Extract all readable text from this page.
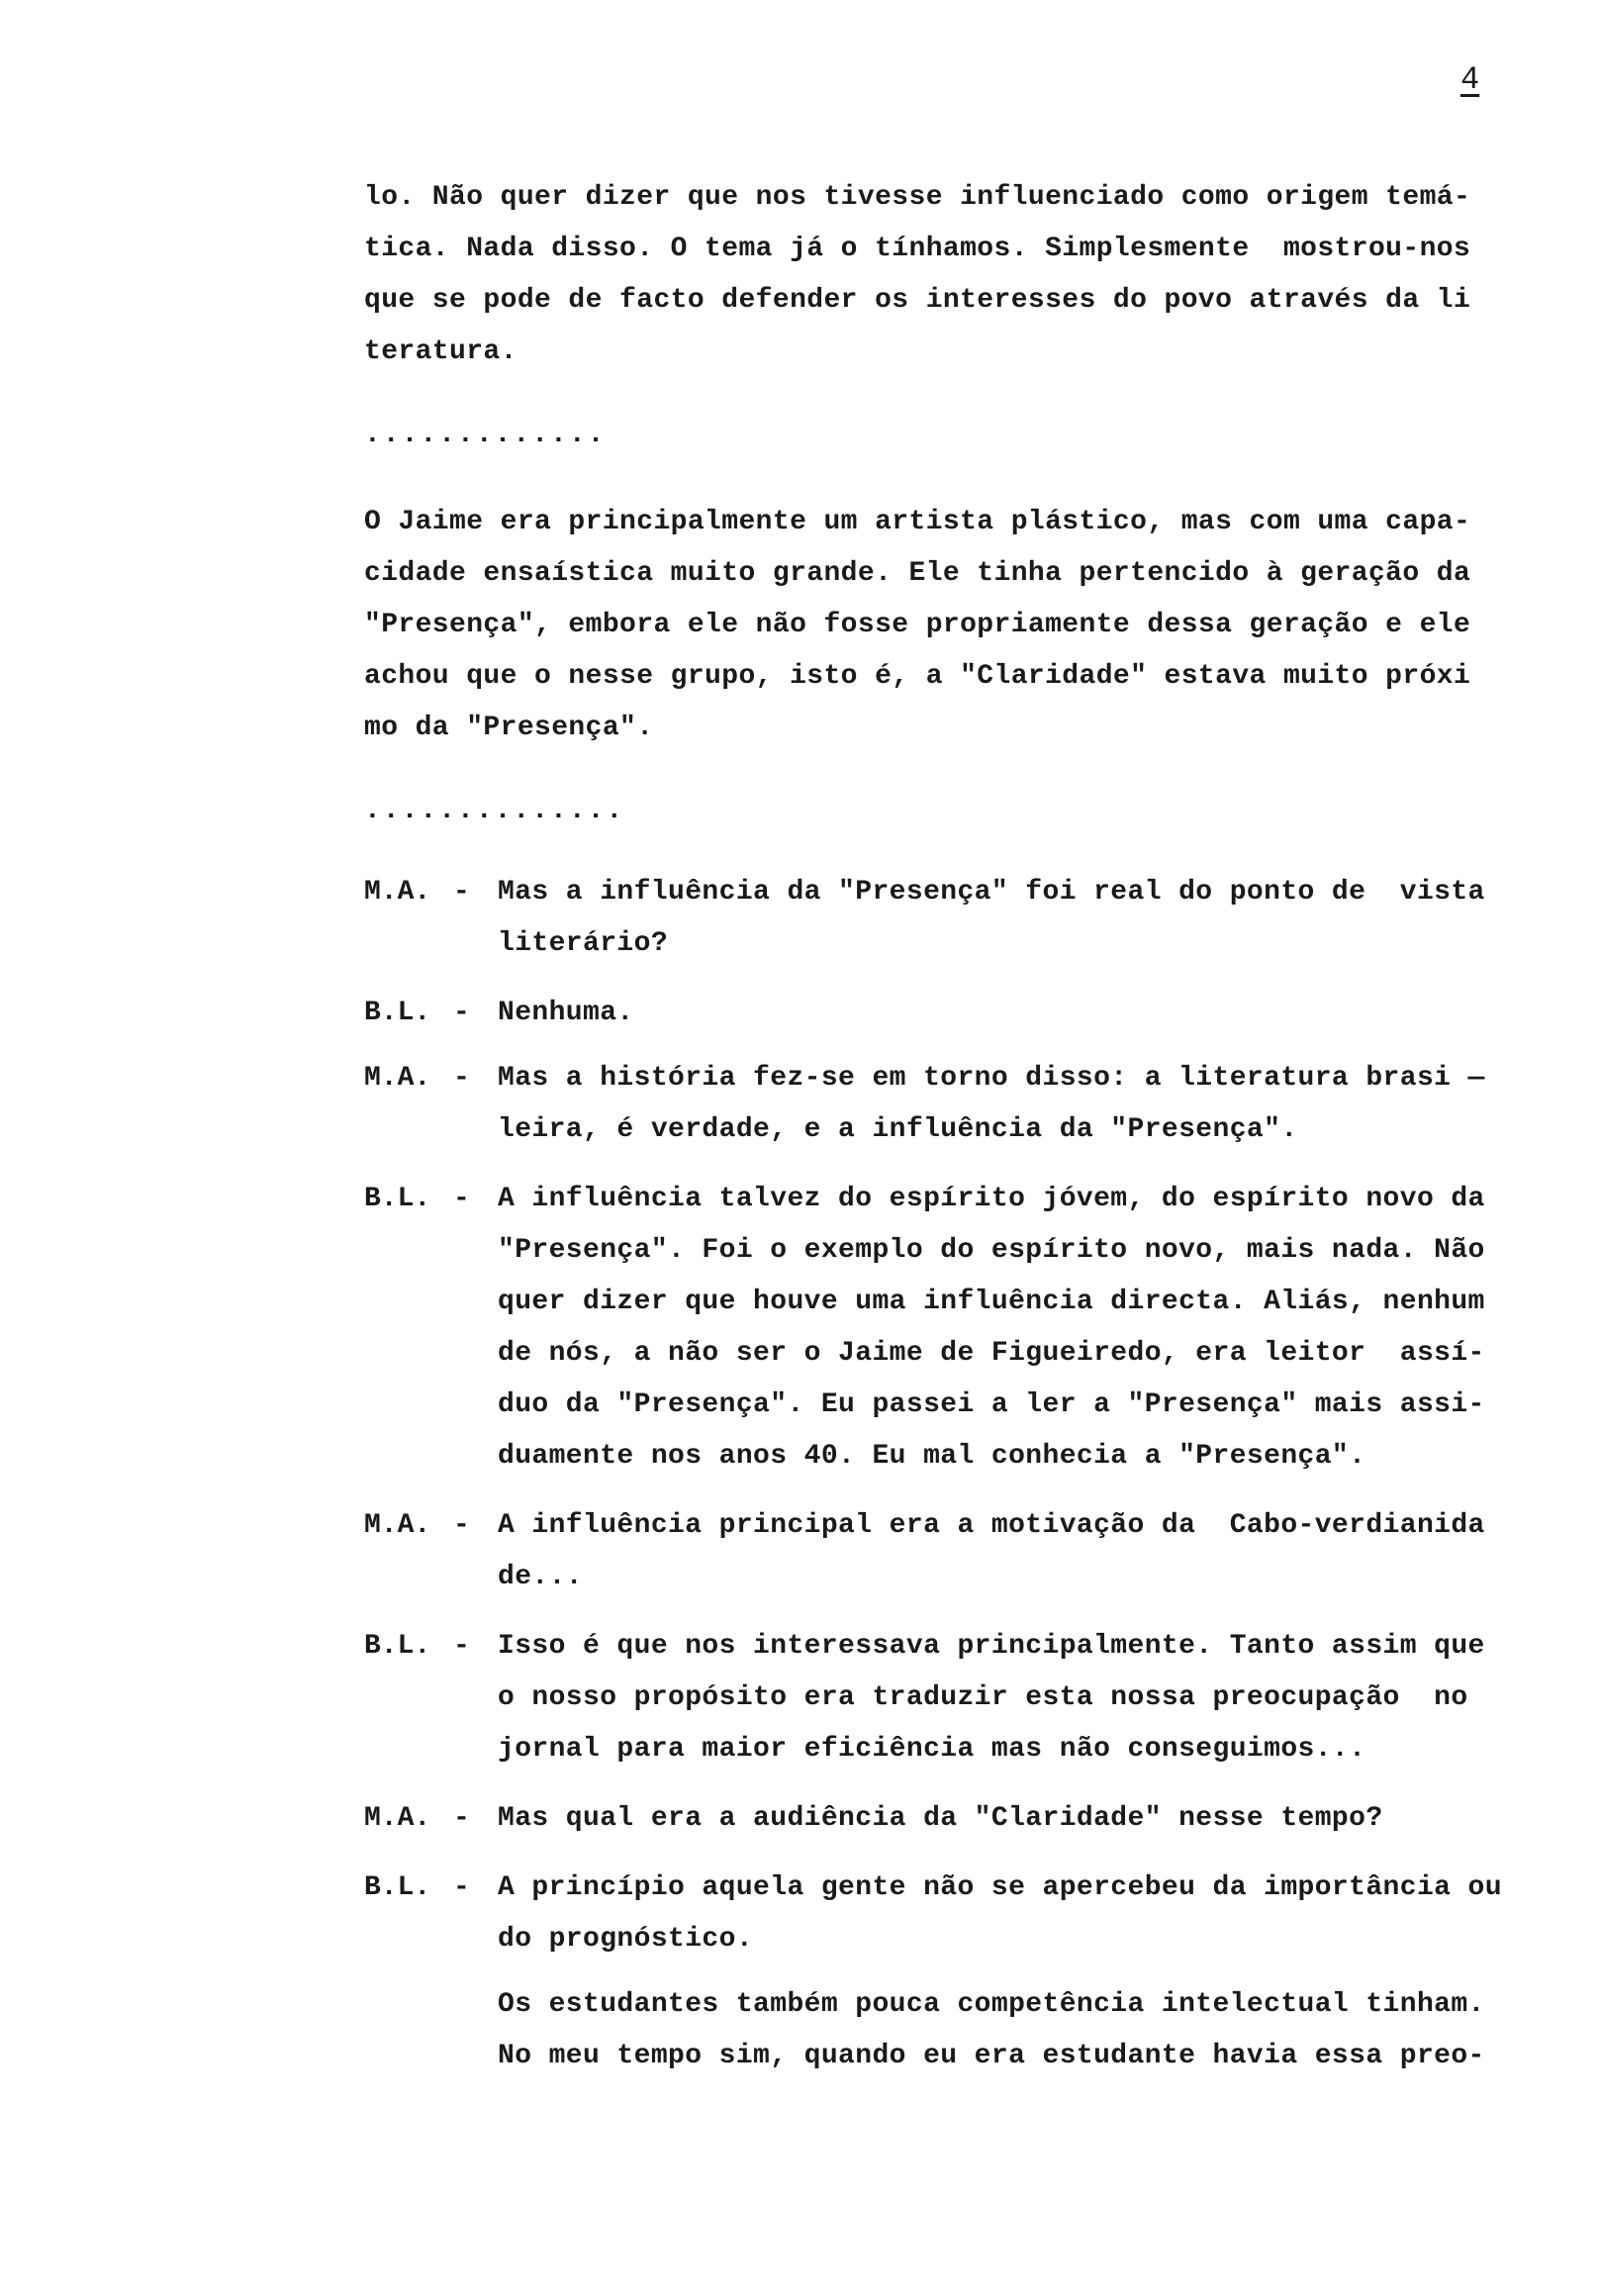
4
lo. Não quer dizer que nos tivesse influenciado como origem temá-
tica. Nada disso. O tema já o tínhamos. Simplesmente  mostrou-nos
que se pode de facto defender os interesses do povo através da li
teratura.
.............
O Jaime era principalmente um artista plástico, mas com uma capa-
cidade ensaística muito grande. Ele tinha pertencido à geração da
"Presença", embora ele não fosse propriamente dessa geração e ele
achou que o nesse grupo, isto é, a "Claridade" estava muito próxi
mo da "Presença".
..............
M.A. - Mas a influência da "Presença" foi real do ponto de  vista
literário?
B.L. - Nenhuma.
M.A. - Mas a história fez-se em torno disso: a literatura brasi —
leira, é verdade, e a influência da "Presença".
B.L. - A influência talvez do espírito jóvem, do espírito novo da
"Presença". Foi o exemplo do espírito novo, mais nada. Não
quer dizer que houve uma influência directa. Aliás, nenhum
de nós, a não ser o Jaime de Figueiredo, era leitor  assí-
duo da "Presença". Eu passei a ler a "Presença" mais assi-
duamente nos anos 40. Eu mal conhecia a "Presença".
M.A. - A influência principal era a motivação da  Cabo-verdianida
de...
B.L. - Isso é que nos interessava principalmente. Tanto assim que
o nosso propósito era traduzir esta nossa preocupação  no
jornal para maior eficiência mas não conseguimos...
M.A. - Mas qual era a audiência da "Claridade" nesse tempo?
B.L. - A princípio aquela gente não se apercebeu da importância ou
do prognóstico.
Os estudantes também pouca competência intelectual tinham.
No meu tempo sim, quando eu era estudante havia essa preo-
